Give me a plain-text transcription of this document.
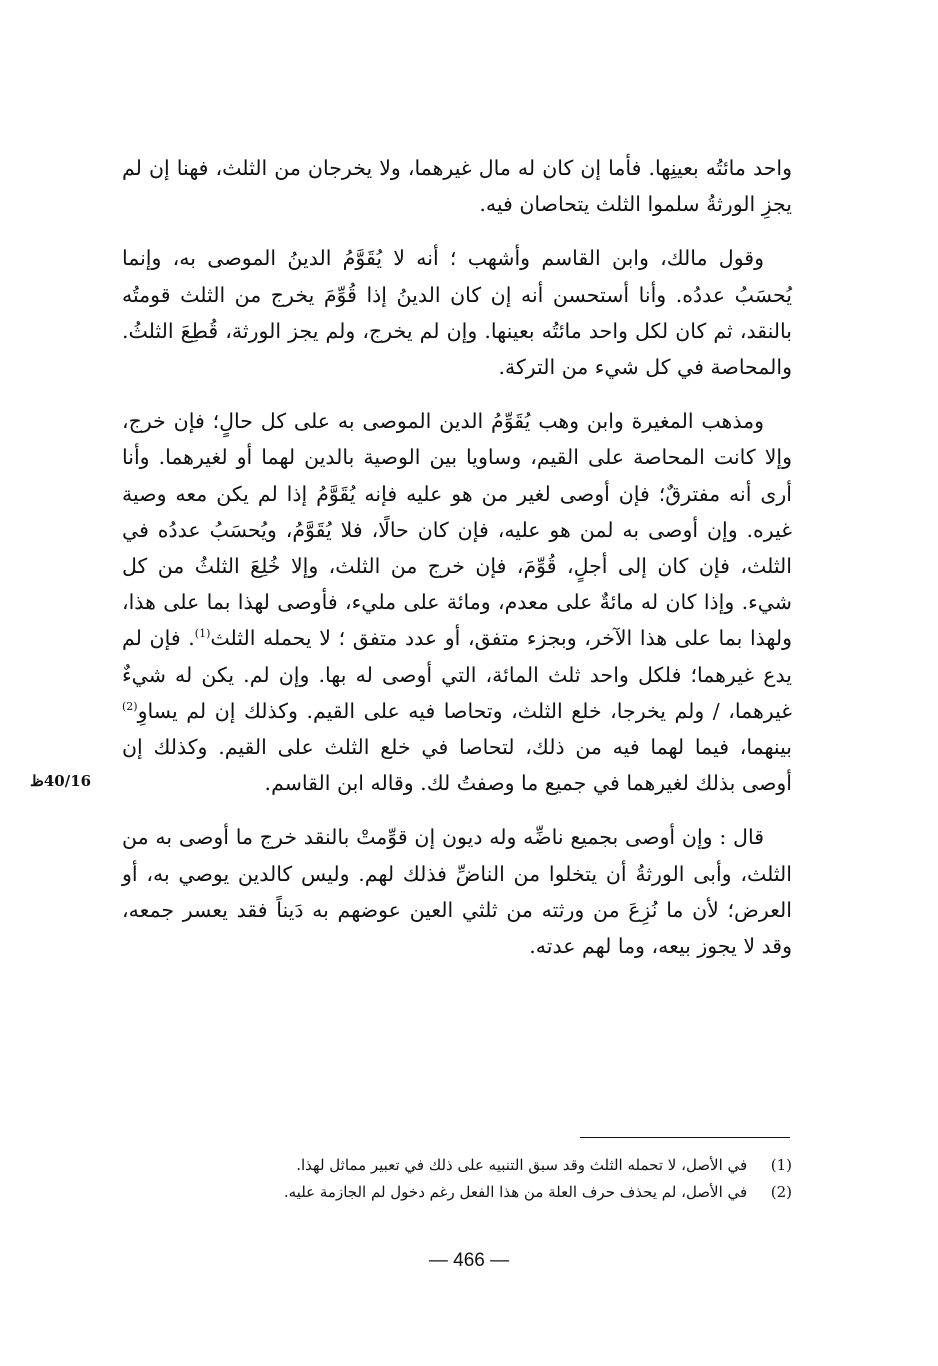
واحد مائتُه بعينِها. فأما إن كان له مال غيرهما، ولا يخرجان من الثلث، فهنا إن لم يجزِ الورثةُ سلموا الثلث يتحاصان فيه.

وقول مالك، وابن القاسم وأشهب ؛ أنه لا يُقَوَّمُ الدينُ الموصى به، وإنما يُحسَبُ عددُه. وأنا أستحسن أنه إن كان الدينُ إذا قُوِّمَ يخرج من الثلث قومتُه بالنقد، ثم كان لكل واحد مائتُه بعينها. وإن لم يخرج، ولم يجز الورثة، قُطِعَ الثلثُ. والمحاصة في كل شيء من التركة.

ومذهب المغيرة وابن وهب يُقَوِّمُ الدين الموصى به على كل حالٍ؛ فإن خرج، وإلا كانت المحاصة على القيم، وساويا بين الوصية بالدين لهما أو لغيرهما. وأنا أرى أنه مفترقٌ؛ فإن أوصى لغير من هو عليه فإنه يُقَوَّمُ إذا لم يكن معه وصية غيره. وإن أوصى به لمن هو عليه، فإن كان حالًا، فلا يُقَوَّمُ، ويُحسَبُ عددُه في الثلث، فإن كان إلى أجلٍ، قُوِّمَ، فإن خرج من الثلث، وإلا خُلِعَ الثلثُ من كل شيء. وإذا كان له مائةٌ على معدم، ومائة على مليء، فأوصى لهذا بما على هذا، ولهذا بما على هذا الآخر، وبجزء متفق، أو عدد متفق ؛ لا يحمله الثلث$^{(1)}$. فإن لم يدع غيرهما؛ فلكل واحد ثلث المائة، التي أوصى له بها. وإن لم. يكن له شيءٌ غيرهما، / ولم يخرجا، خلع الثلث، وتحاصا فيه على القيم. وكذلك إن لم يساوِ$^{(2)}$ بينهما، فيما لهما فيه من ذلك، لتحاصا في خلع الثلث على القيم. وكذلك إن أوصى بذلك لغيرهما في جميع ما وصفتُ لك. وقاله ابن القاسم.

قال : وإن أوصى بجميع ناضِّه وله ديون إن قوِّمتْ بالنقد خرج ما أوصى به من الثلث، وأبى الورثةُ أن يتخلوا من الناضِّ فذلك لهم. وليس كالدين يوصي به، أو العرض؛ لأن ما نُزِعَ من ورثته من ثلثي العين عوضهم به دَيناً فقد يعسر جمعه، وقد لا يجوز بيعه، وما لهم عدته.

40/16ظ
(1) في الأصل، لا تحمله الثلث وقد سبق التنبيه على ذلك في تعبير مماثل لهذا.
(2) في الأصل، لم يحذف حرف العلة من هذا الفعل رغم دخول لم الجازمة عليه.
— 466 —
